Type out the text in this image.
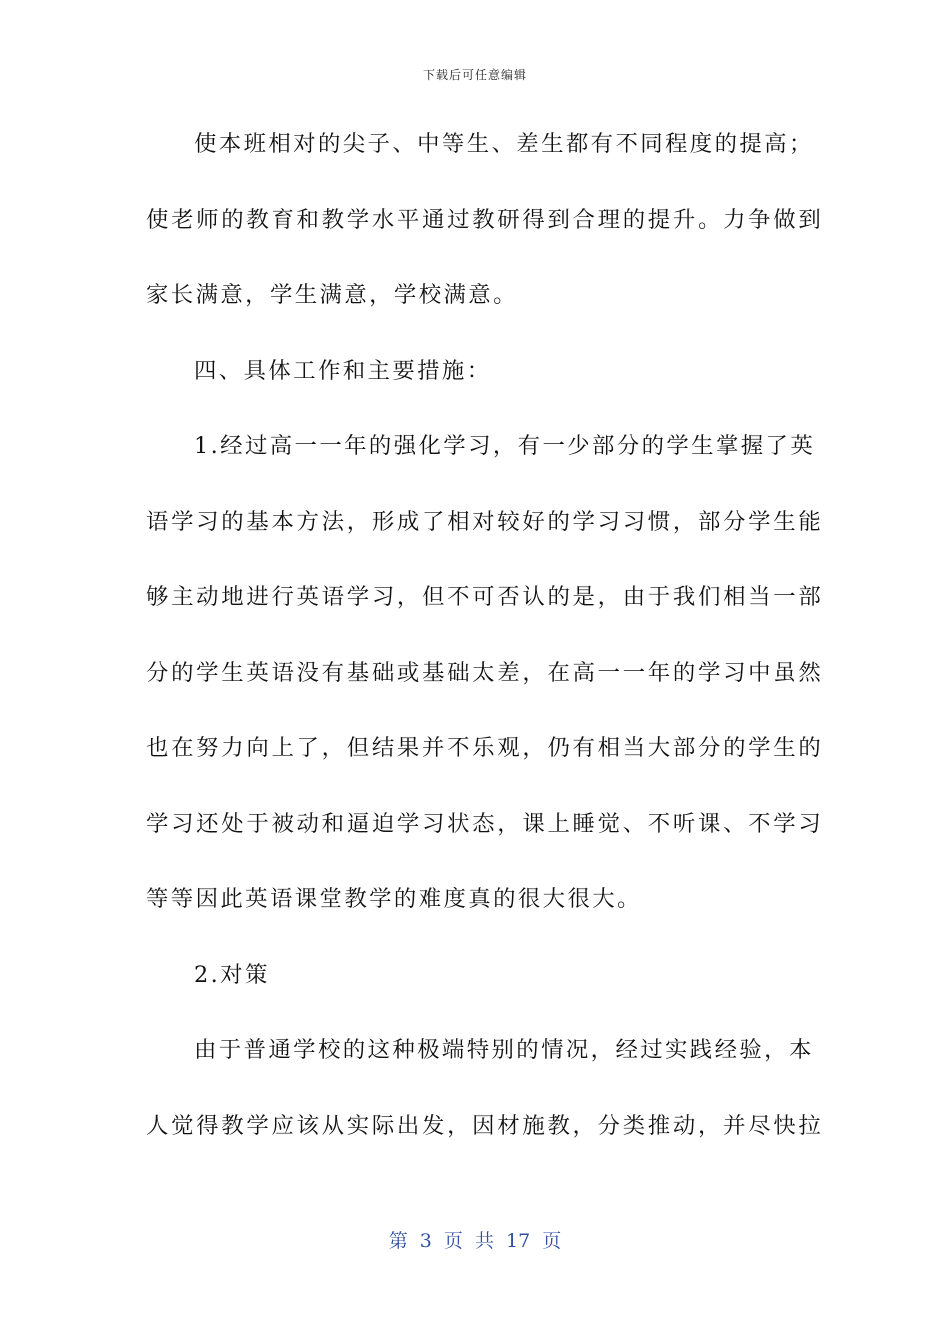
下载后可任意编辑
使本班相对的尖子、中等生、差生都有不同程度的提高；
使老师的教育和教学水平通过教研得到合理的提升。力争做到
家长满意，学生满意，学校满意。
四、具体工作和主要措施：
1.经过高一一年的强化学习，有一少部分的学生掌握了英
语学习的基本方法，形成了相对较好的学习习惯，部分学生能
够主动地进行英语学习，但不可否认的是，由于我们相当一部
分的学生英语没有基础或基础太差，在高一一年的学习中虽然
也在努力向上了，但结果并不乐观，仍有相当大部分的学生的
学习还处于被动和逼迫学习状态，课上睡觉、不听课、不学习
等等因此英语课堂教学的难度真的很大很大。
2.对策
由于普通学校的这种极端特别的情况，经过实践经验，本
人觉得教学应该从实际出发，因材施教，分类推动，并尽快拉
第 3 页 共 17 页
